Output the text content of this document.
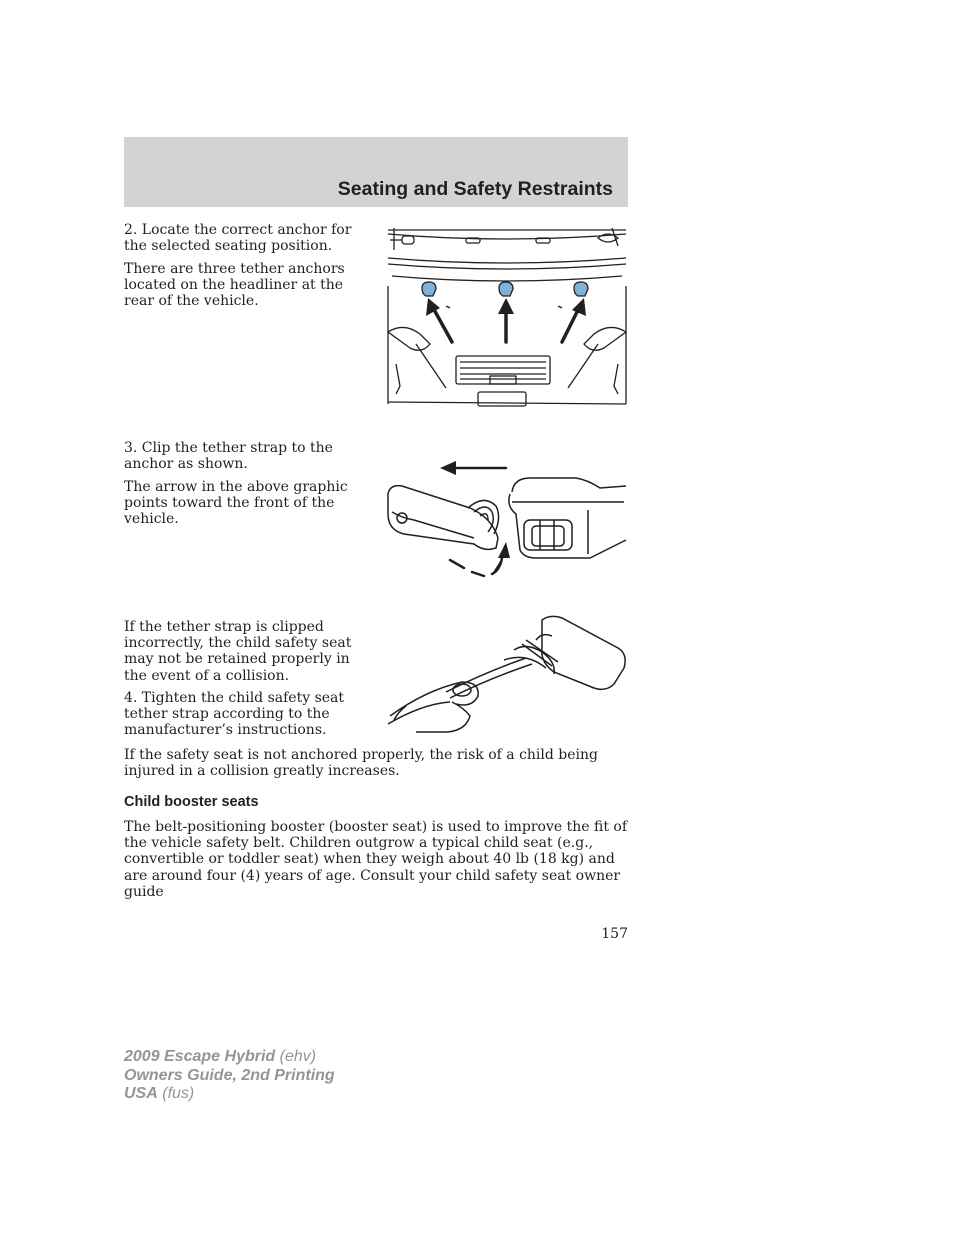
Seating and Safety Restraints

2. Locate the correct anchor for the selected seating position.

There are three tether anchors located on the headliner at the rear of the vehicle.

3. Clip the tether strap to the anchor as shown.

The arrow in the above graphic points toward the front of the vehicle.

If the tether strap is clipped incorrectly, the child safety seat may not be retained properly in the event of a collision.

4. Tighten the child safety seat tether strap according to the manufacturer’s instructions.

If the safety seat is not anchored properly, the risk of a child being injured in a collision greatly increases.

Child booster seats

The belt-positioning booster (booster seat) is used to improve the fit of the vehicle safety belt. Children outgrow a typical child seat (e.g., convertible or toddler seat) when they weigh about 40 lb (18 kg) and are around four (4) years of age. Consult your child safety seat owner guide

157
2009 Escape Hybrid (ehv)
Owners Guide, 2nd Printing
USA (fus)
